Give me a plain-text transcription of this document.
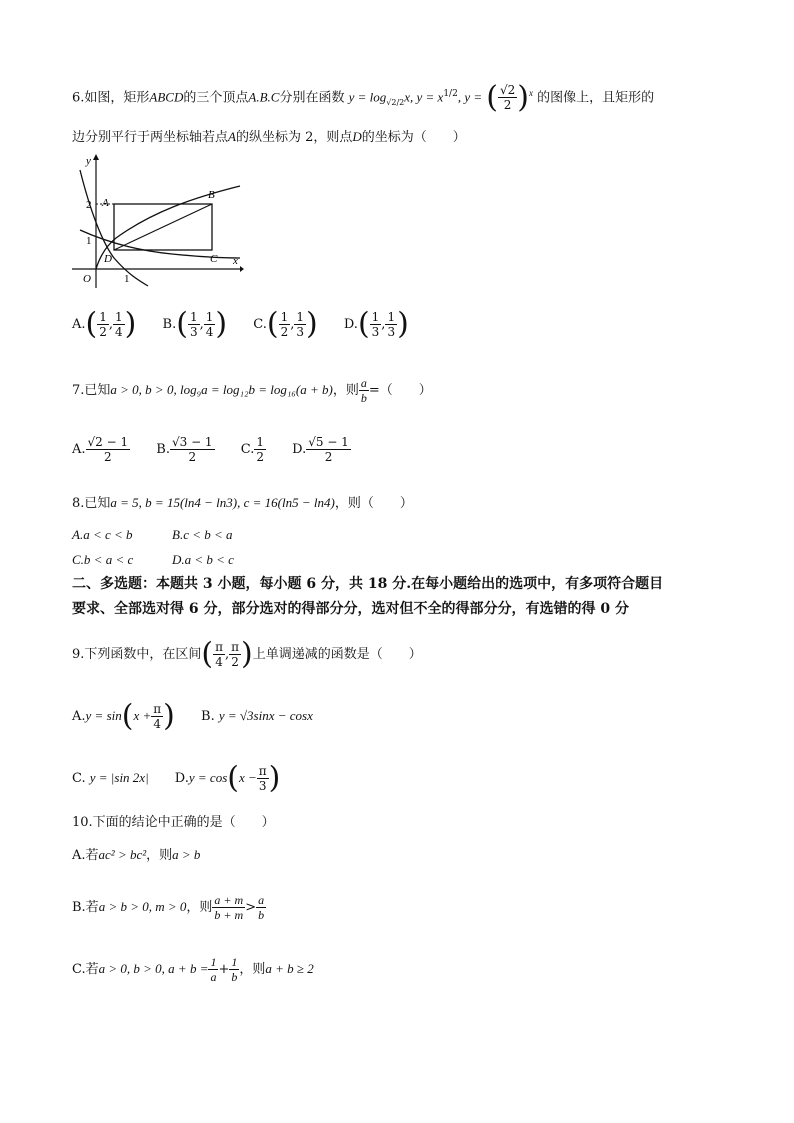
6.如图，矩形ABCD的三个顶点A.B.C分别在函数 $y = \log_{√2/2}x$, $y = x^{1/2}$, y = ( $\frac{√2}{2} )^x$ 的图像上，且矩形的
边分别平行于两坐标轴若点A的纵坐标为 2，则点D的坐标为（　　）
y
x
O
2
1
1
A
B
C
D
$A.( \frac{1}{2}$ , $\frac{1}{4}$ ) $B.( \frac{1}{3}$ , $\frac{1}{4}$ ) $C.( \frac{1}{2}$ , $\frac{1}{3}$ ) $D.( \frac{1}{3}$ , $\frac{1}{3}$ )
7.已知a > 0, b > 0, log₉a = log₁₂b = log₁₆(a + b)，则 $\frac{a}{b}$ =（　　）
A. $\frac{√2 - 1}{2} B$. $\frac{√3 - 1}{2} C$. $\frac{1}{2} D$. $\frac{√5 - 1}{2}$
8.已知a = 5, b = 15(ln4 − ln3), c = 16(ln5 − ln4)，则（　　）
A.a < c < b	B.c < b < a
C.b < a < c	D.a < b < c
二、多选题：本题共 3 小题，每小题 6 分，共 18 分.在每小题给出的选项中，有多项符合题目
要求、全部选对得 6 分，部分选对的得部分分，选对但不全的得部分分，有选错的得 0 分
9.下列函数中，在区间( $\frac{\pi}{4}$ , $\frac{\pi}{2}$ )上单调递减的函数是（　　）
$A.y = \sin(x + \frac{\pi}{4}$ ) B. y = √3sinx − cosx
C. y = |sin 2x| $D.y = \cos(x - \frac{\pi}{3}$ )
10.下面的结论中正确的是（　　）
A.若ac² > bc²，则a > b
B.若a > b > 0, m > 0，则 $\frac{a + m}{b + m} > \frac{a}{b}$
C.若a > 0, b > 0, $a + b = \frac{1}{a} + \frac{1}{b}$ ，则a + b ≥ 2
